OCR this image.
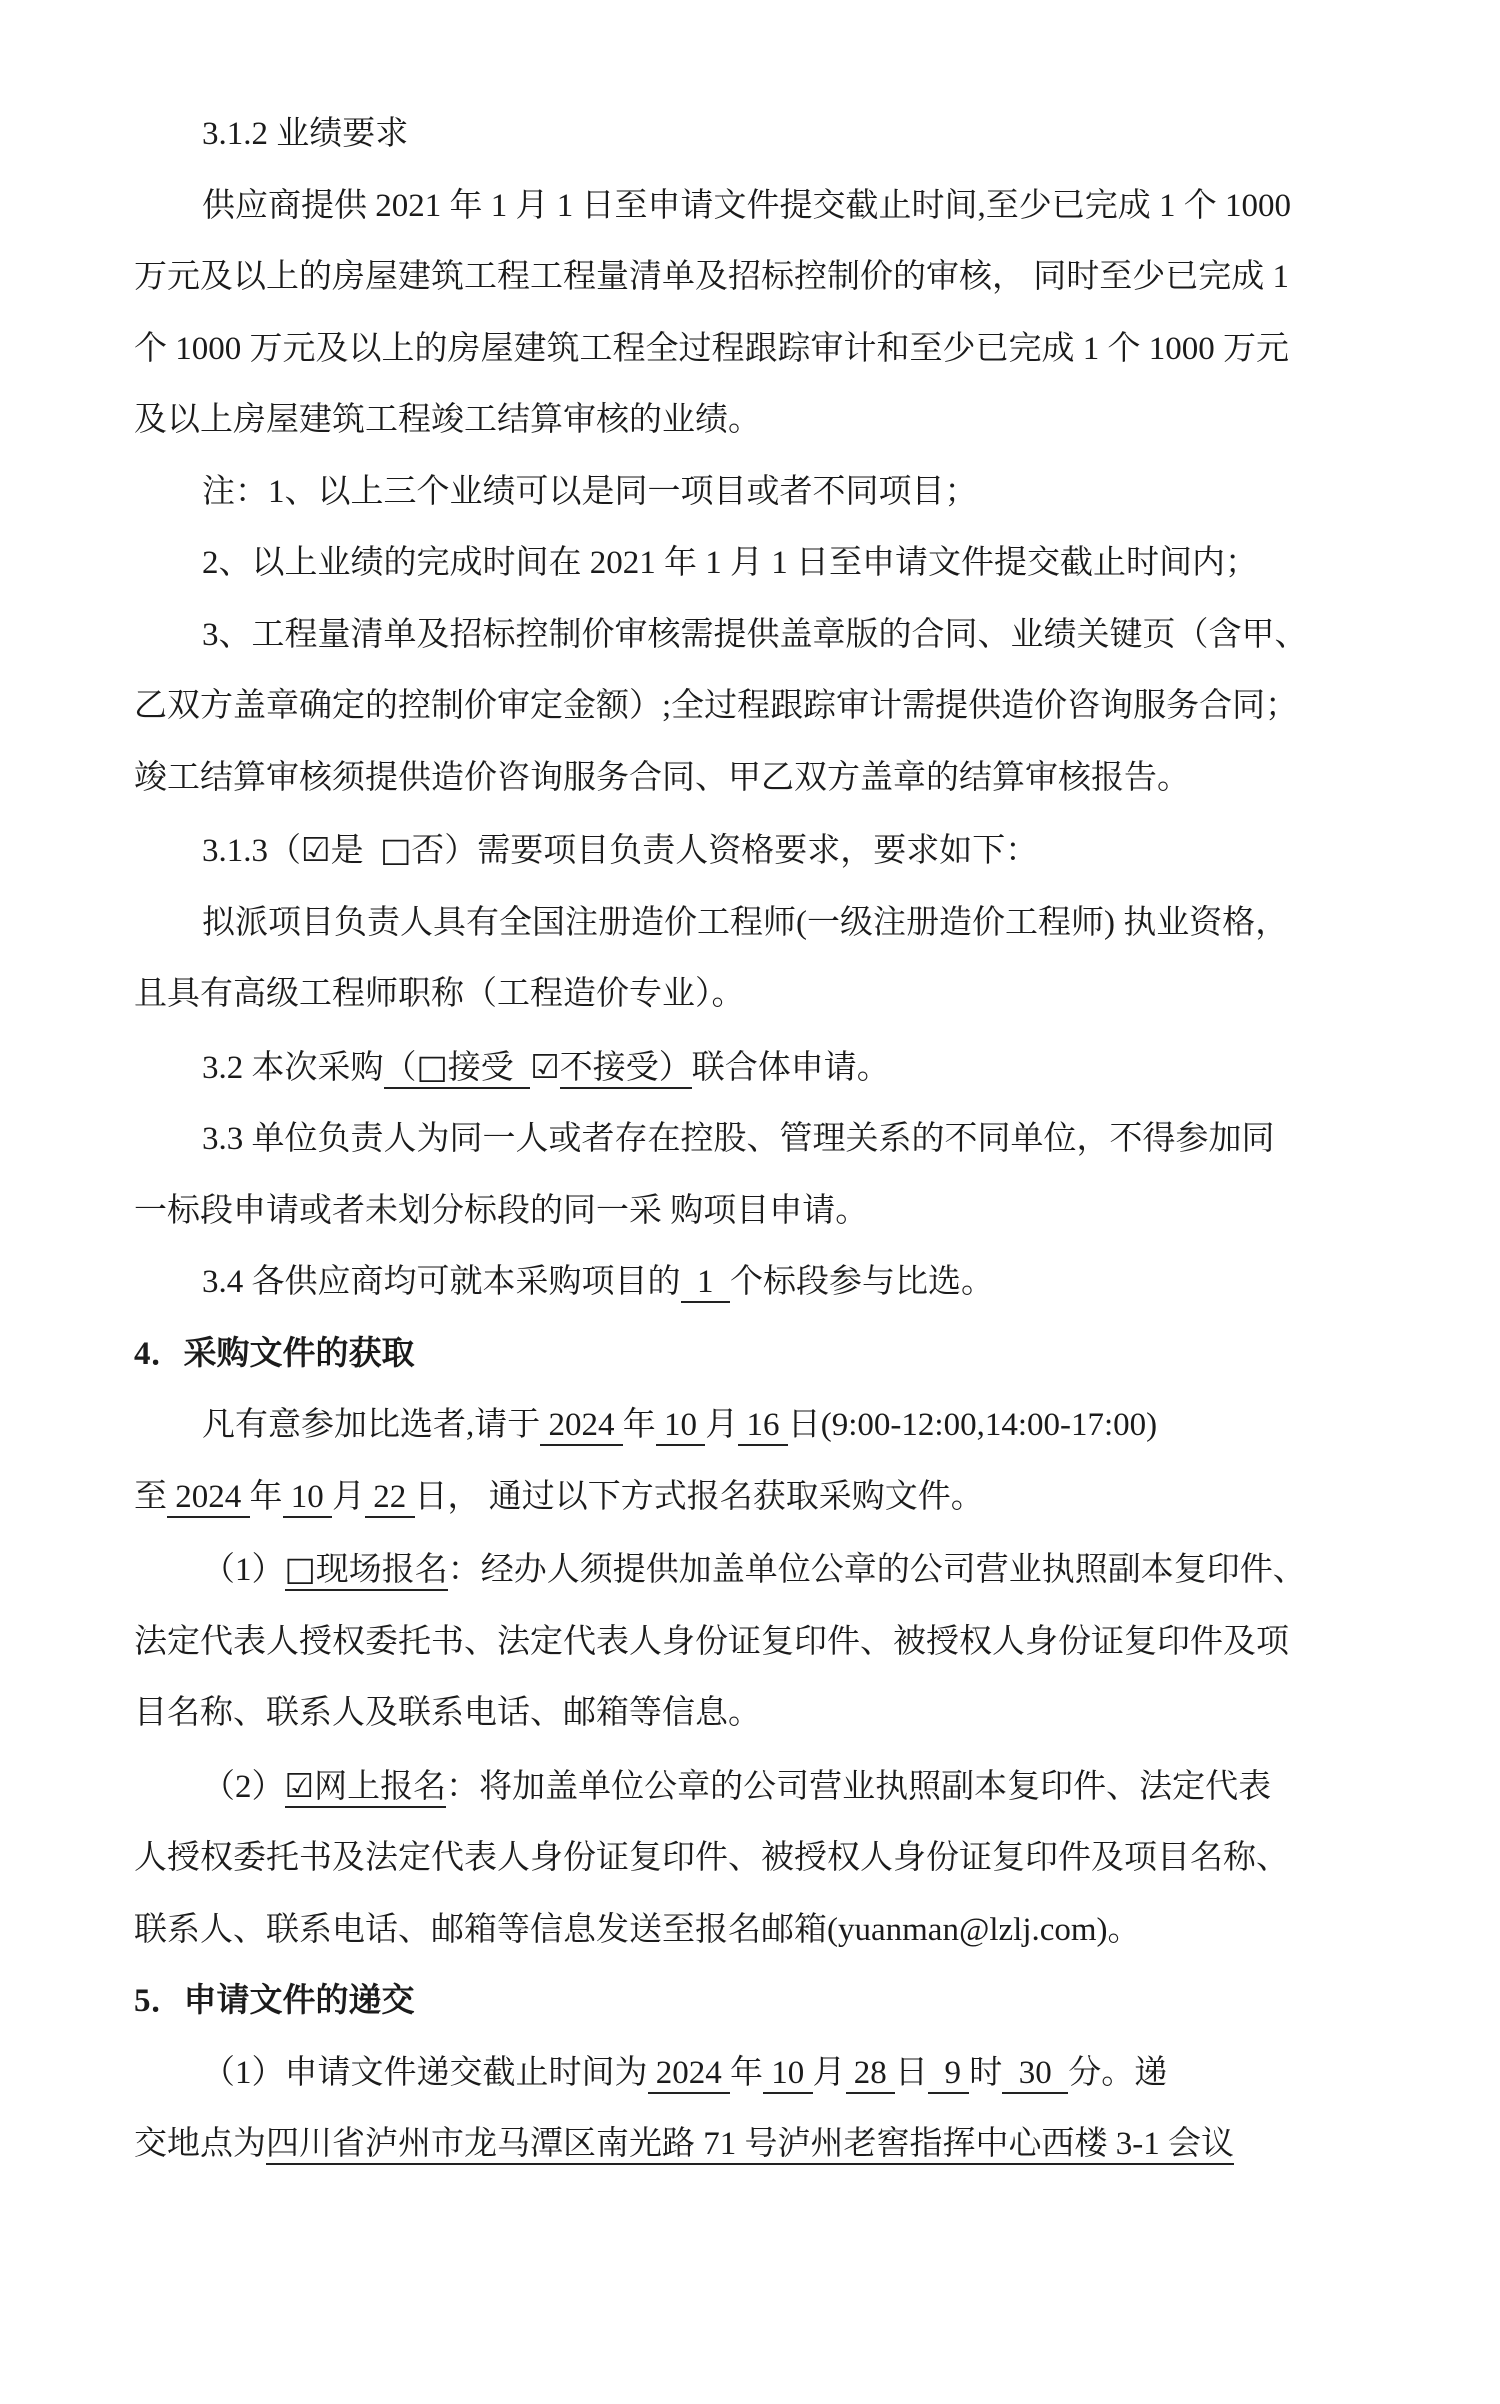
3.1.2 业绩要求
供应商提供 2021 年 1 月 1 日至申请文件提交截止时间,至少已完成 1 个 1000
万元及以上的房屋建筑工程工程量清单及招标控制价的审核， 同时至少已完成 1
个 1000 万元及以上的房屋建筑工程全过程跟踪审计和至少已完成 1 个 1000 万元
及以上房屋建筑工程竣工结算审核的业绩。
注：1、以上三个业绩可以是同一项目或者不同项目；
2、以上业绩的完成时间在 2021 年 1 月 1 日至申请文件提交截止时间内；
3、工程量清单及招标控制价审核需提供盖章版的合同、业绩关键页（含甲、
乙双方盖章确定的控制价审定金额）;全过程跟踪审计需提供造价咨询服务合同；
竣工结算审核须提供造价咨询服务合同、甲乙双方盖章的结算审核报告。
3.1.3（☑是  □否）需要项目负责人资格要求，要求如下：
拟派项目负责人具有全国注册造价工程师(一级注册造价工程师) 执业资格，
且具有高级工程师职称（工程造价专业）。
3.2 本次采购（□接受  ☑不接受）联合体申请。
3.3 单位负责人为同一人或者存在控股、管理关系的不同单位，不得参加同
一标段申请或者未划分标段的同一采 购项目申请。
3.4 各供应商均可就本采购项目的  1  个标段参与比选。
4．采购文件的获取
凡有意参加比选者,请于 2024 年 10 月 16 日(9:00-12:00,14:00-17:00)
至 2024 年 10 月 22 日， 通过以下方式报名获取采购文件。
（1）□现场报名：经办人须提供加盖单位公章的公司营业执照副本复印件、
法定代表人授权委托书、法定代表人身份证复印件、被授权人身份证复印件及项
目名称、联系人及联系电话、邮箱等信息。
（2）☑网上报名：将加盖单位公章的公司营业执照副本复印件、法定代表
人授权委托书及法定代表人身份证复印件、被授权人身份证复印件及项目名称、
联系人、联系电话、邮箱等信息发送至报名邮箱(yuanman@lzlj.com)。
5．申请文件的递交
（1）申请文件递交截止时间为 2024 年 10 月 28 日  9 时  30  分。递
交地点为四川省泸州市龙马潭区南光路 71 号泸州老窖指挥中心西楼 3-1 会议
